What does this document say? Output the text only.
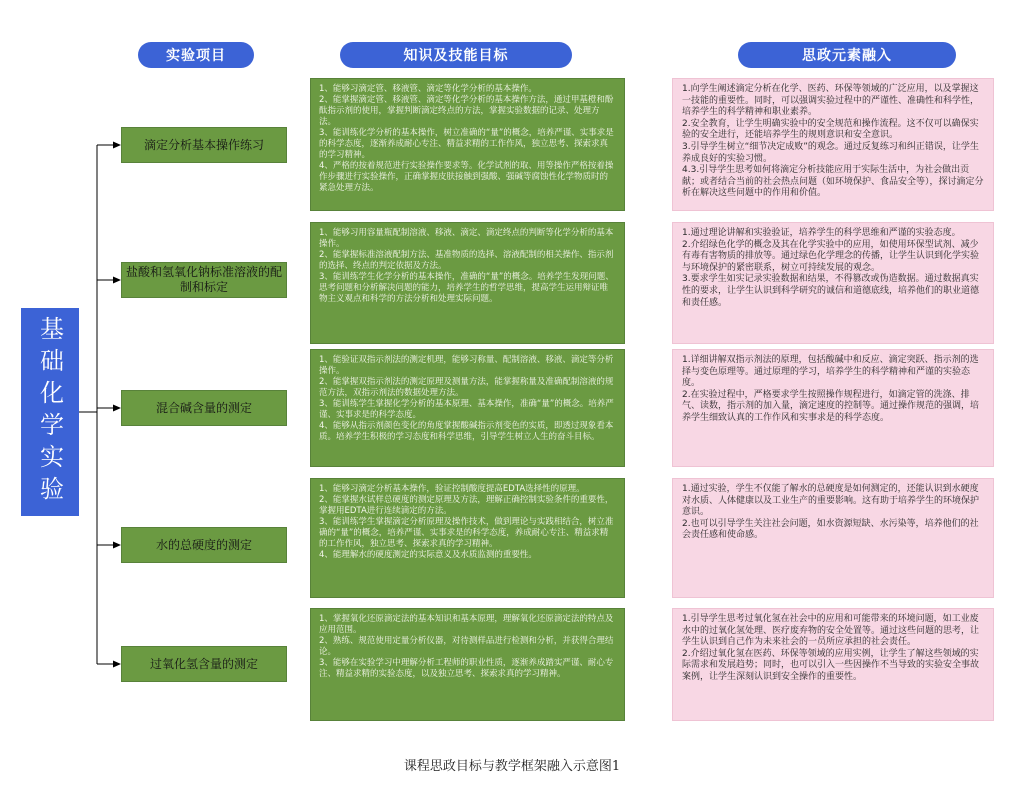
实验项目	知识及技能目标	思政元素融入
基础化学实验
滴定分析基本操作练习
1、能够习滴定管、移液管、滴定等化学分析的基本操作。
2、能掌握滴定管、移液管、滴定等化学分析的基本操作方法，通过甲基橙和酚酞指示剂的使用，掌握判断滴定终点的方法，掌握实验数据的记录、处理方法。
3、能训练化学分析的基本操作，树立准确的“量”的概念，培养严谨、实事求是的科学态度，逐渐养成耐心专注、精益求精的工作作风，独立思考、探索求真的学习精神。
4、严格的按着规范进行实验操作要求等。化学试剂的取、用等操作严格按着操作步骤进行实验操作，正确掌握皮肤接触到强酸、强碱等腐蚀性化学物质时的紧急处理方法。
1.向学生阐述滴定分析在化学、医药、环保等领域的广泛应用，以及掌握这一技能的重要性。同时，可以强调实验过程中的严谨性、准确性和科学性，培养学生的科学精神和职业素养。
2.安全教育，让学生明确实验中的安全规范和操作流程。这不仅可以确保实验的安全进行，还能培养学生的规则意识和安全意识。
3.引导学生树立“细节决定成败”的观念。通过反复练习和纠正错误，让学生养成良好的实验习惯。
4.3.引导学生思考如何将滴定分析技能应用于实际生活中，为社会做出贡献；或者结合当前的社会热点问题（如环境保护、食品安全等），探讨滴定分析在解决这些问题中的作用和价值。
盐酸和氢氧化钠标准溶液的配制和标定
1、能够习用容量瓶配制溶液、移液、滴定、滴定终点的判断等化学分析的基本操作。
2、能掌握标准溶液配制方法、基准物质的选择、溶液配制的相关操作、指示剂的选择、终点的判定依据及方法。
3、能训练学生化学分析的基本操作，准确的“量”的概念。培养学生发现问题、思考问题和分析解决问题的能力，培养学生的哲学思维，提高学生运用辩证唯物主义观点和科学的方法分析和处理实际问题。
1.通过理论讲解和实验验证，培养学生的科学思维和严谨的实验态度。
2.介绍绿色化学的概念及其在化学实验中的应用，如使用环保型试剂、减少有毒有害物质的排放等。通过绿色化学理念的传播，让学生认识到化学实验与环境保护的紧密联系，树立可持续发展的观念。
3.要求学生如实记录实验数据和结果，不得篡改或伪造数据。通过数据真实性的要求，让学生认识到科学研究的诚信和道德底线，培养他们的职业道德和责任感。
混合碱含量的测定
1、能验证双指示剂法的测定机理，能够习称量、配制溶液、移液、滴定等分析操作。
2、能掌握双指示剂法的测定原理及测量方法，能掌握称量及准确配制溶液的规范方法，双指示剂法的数据处理方法。
3、能训练学生掌握化学分析的基本原理、基本操作，准确“量”的概念。培养严谨、实事求是的科学态度。
4、能够从指示剂颜色变化的角度掌握酸碱指示剂变色的实质，即透过现象看本质。培养学生积极的学习态度和科学思维，引导学生树立人生的奋斗目标。
1.详细讲解双指示剂法的原理，包括酸碱中和反应、滴定突跃、指示剂的选择与变色原理等。通过原理的学习，培养学生的科学精神和严谨的实验态度。
2.在实验过程中，严格要求学生按照操作规程进行，如滴定管的洗涤、排气、读数，指示剂的加入量，滴定速度的控制等。通过操作规范的强调，培养学生细致认真的工作作风和实事求是的科学态度。
水的总硬度的测定
1、能够习滴定分析基本操作，验证控制酸度提高EDTA选择性的原理。
2、能掌握水试样总硬度的测定原理及方法，理解正确控制实验条件的重要性，掌握用EDTA进行连续滴定的方法。
3、能训练学生掌握滴定分析原理及操作技术，做到理论与实践相结合，树立准确的“量”的概念，培养严谨、实事求是的科学态度，养成耐心专注、精益求精的工作作风，独立思考、探索求真的学习精神。
4、能理解水的硬度测定的实际意义及水质监测的重要性。
1.通过实验，学生不仅能了解水的总硬度是如何测定的，还能认识到水硬度对水质、人体健康以及工业生产的重要影响。这有助于培养学生的环境保护意识。
2.也可以引导学生关注社会问题，如水资源短缺、水污染等，培养他们的社会责任感和使命感。
过氧化氢含量的测定
1、掌握氧化还原滴定法的基本知识和基本原理，理解氧化还原滴定法的特点及应用范围。
2、熟练、规范使用定量分析仪器，对待测样品进行检测和分析，并获得合理结论。
3、能够在实验学习中理解分析工程师的职业性质，逐渐养成踏实严谨、耐心专注、精益求精的实验态度，以及独立思考、探索求真的学习精神。
1.引导学生思考过氧化氢在社会中的应用和可能带来的环境问题，如工业废水中的过氧化氢处理、医疗废弃物的安全处置等。通过这些问题的思考，让学生认识到自己作为未来社会的一员所应承担的社会责任。
2.介绍过氧化氢在医药、环保等领域的应用实例，让学生了解这些领域的实际需求和发展趋势；同时，也可以引入一些因操作不当导致的实验安全事故案例，让学生深刻认识到安全操作的重要性。
课程思政目标与教学框架融入示意图1
